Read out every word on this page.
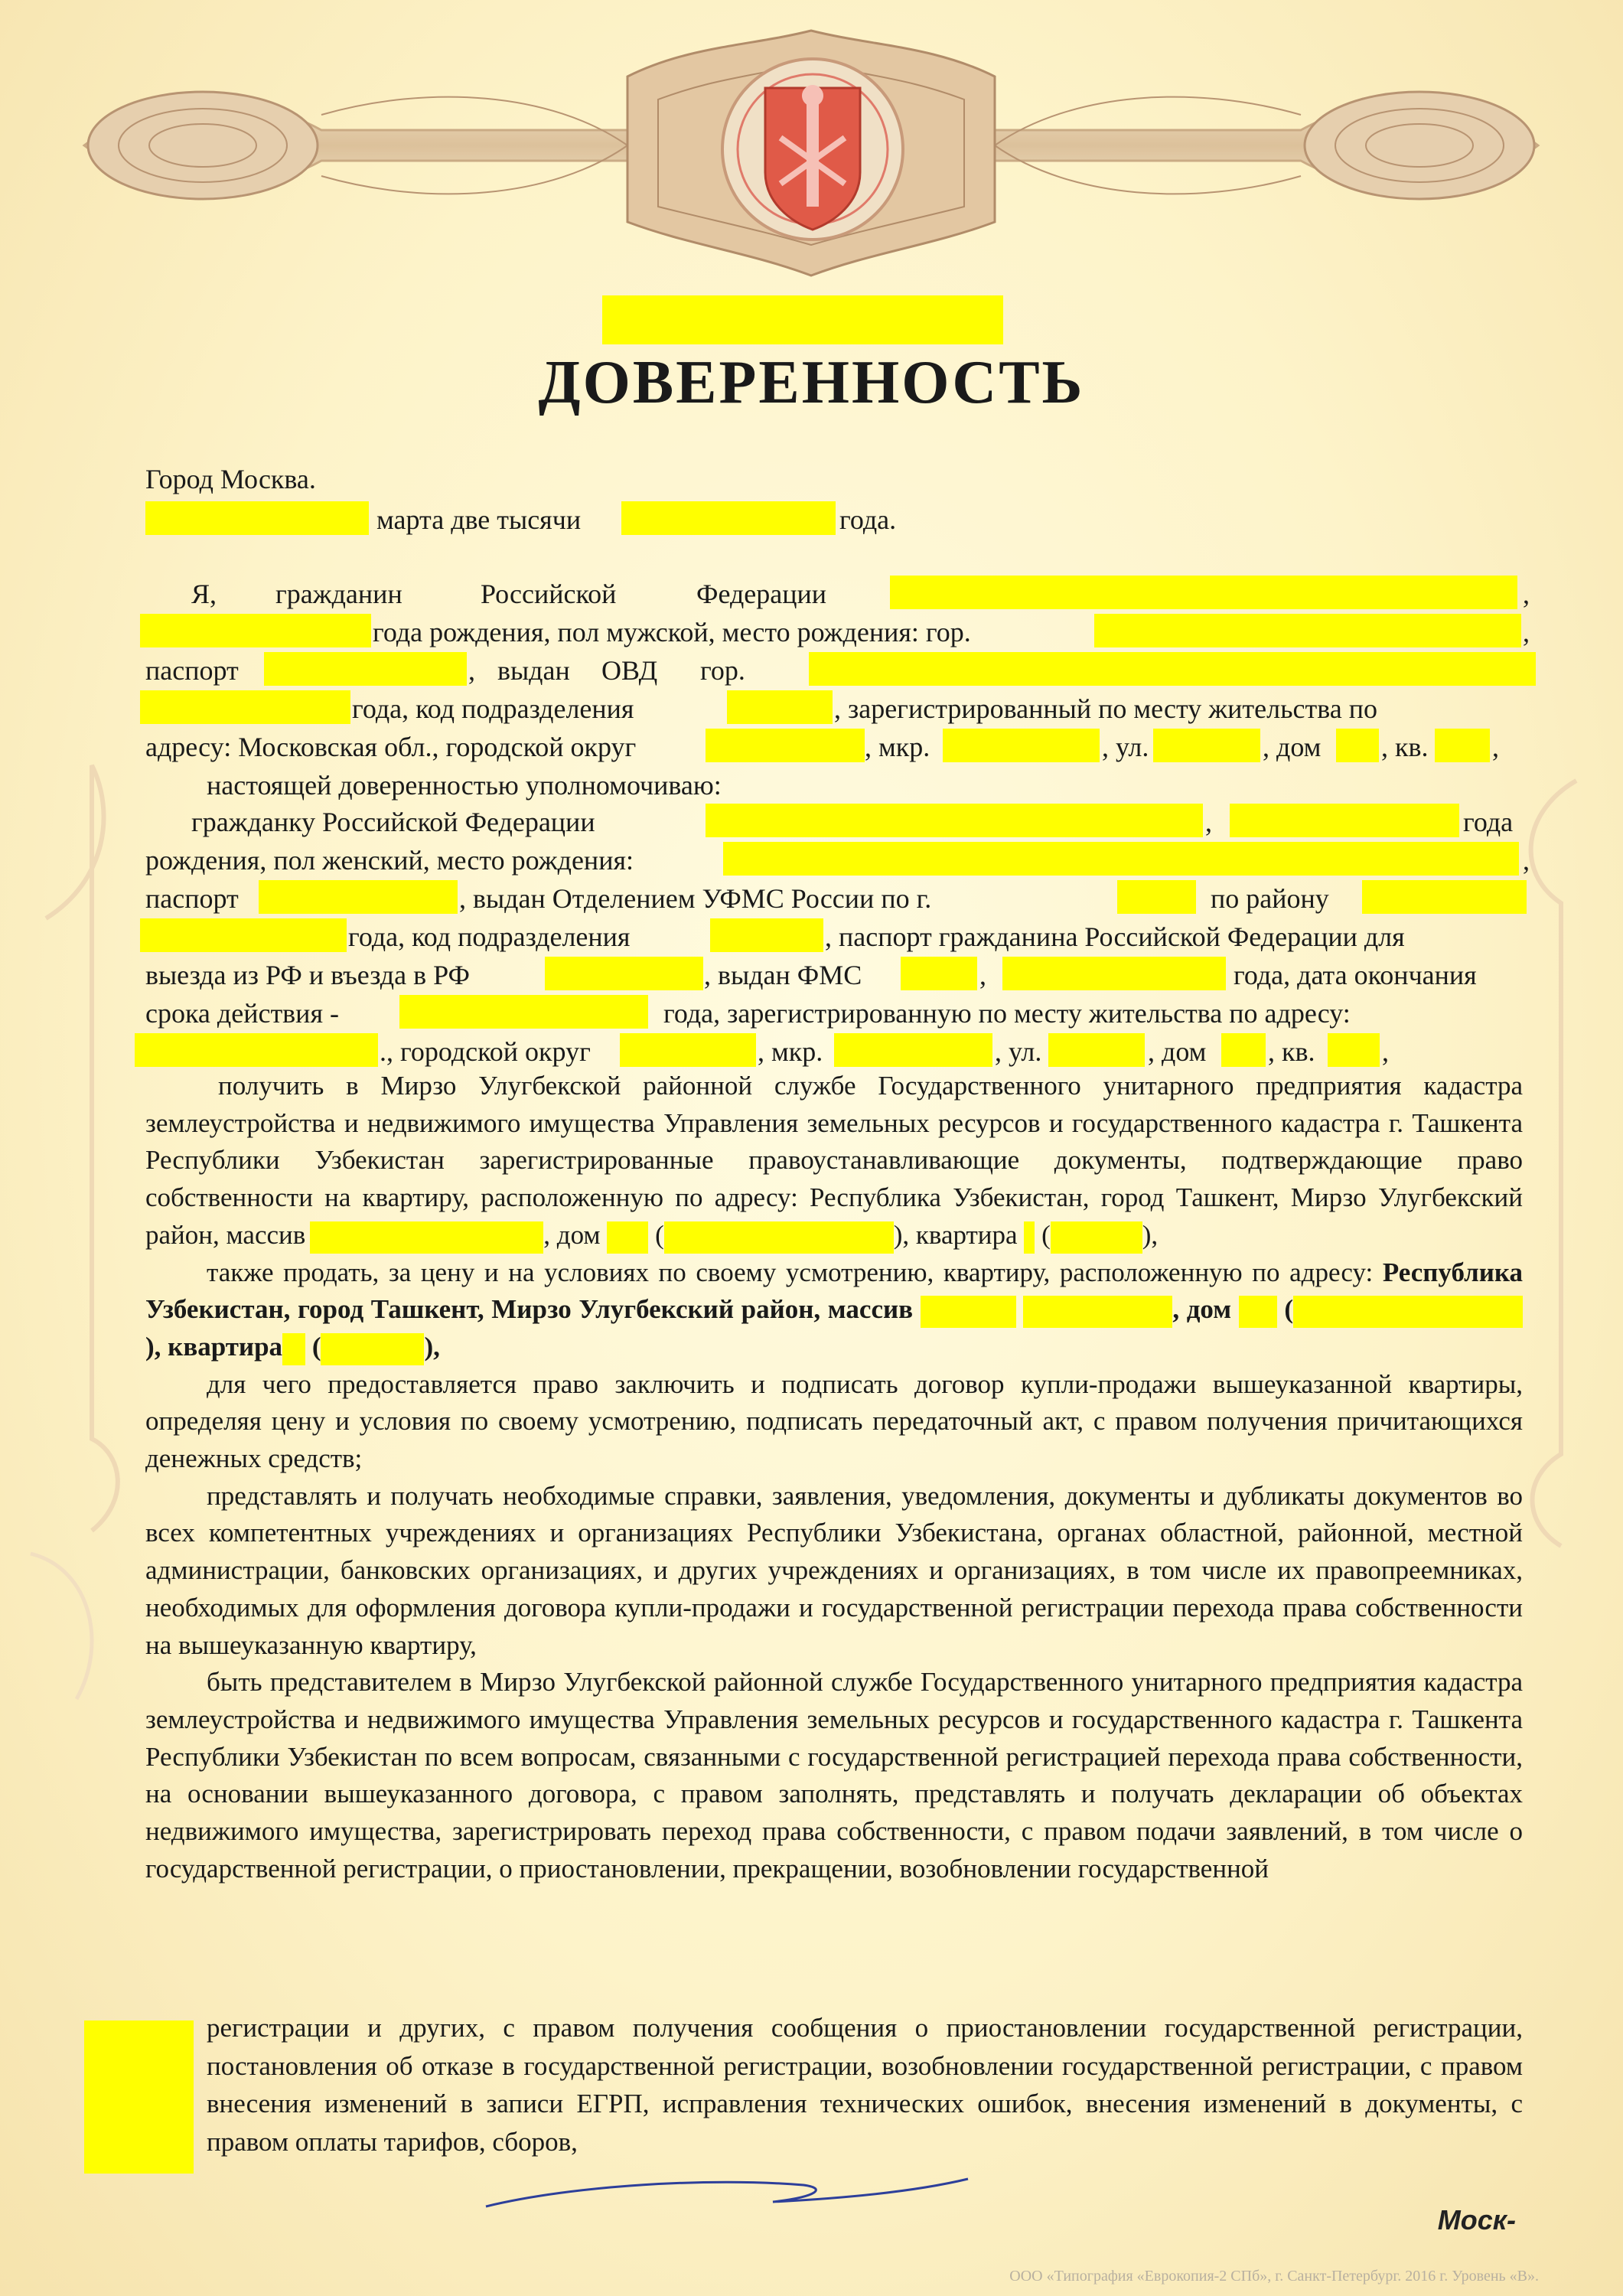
ДОВЕРЕННОСТЬ
Город Москва.
марта две тысячи	года.
Я, гражданин	Российской	Федерации	,
года рождения, пол мужской, место рождения: гор.	,
паспорт	, выдан ОВД гор.
года, код подразделения	, зарегистрированный по месту жительства по
адресу: Московская обл., городской округ	, мкр.	, ул.	, дом , кв. ,
настоящей доверенностью уполномочиваю:
гражданку Российской Федерации	,	года
рождения, пол женский, место рождения:	,
паспорт	, выдан Отделением УФМС России по г.	по району
года, код подразделения	, паспорт гражданина Российской Федерации для
выезда из РФ и въезда в РФ	, выдан ФМС	,	года, дата окончания
срока действия -	года, зарегистрированную по месту жительства по адресу:
., городской округ	, мкр.	, ул.	, дом , кв. ,

получить в Мирзо Улугбекской районной службе Государственного унитарного предприятия кадастра землеустройства и недвижимого имущества Управления земельных ресурсов и государственного кадастра г. Ташкента Республики Узбекистан зарегистрированные правоустанавливающие документы, подтверждающие право собственности на квартиру, расположенную по адресу: Республика Узбекистан, город Ташкент, Мирзо Улугбекский район, массив	, дом (	), квартира (	),

также продать, за цену и на условиях по своему усмотрению, квартиру, расположенную по адресу: Республика Узбекистан, город Ташкент, Мирзо Улугбекский район, массив	, дом (), квартира (	),

для чего предоставляется право заключить и подписать договор купли-продажи вышеуказанной квартиры, определяя цену и условия по своему усмотрению, подписать передаточный акт, с правом получения причитающихся денежных средств;

представлять и получать необходимые справки, заявления, уведомления, документы и дубликаты документов во всех компетентных учреждениях и организациях Республики Узбекистана, органах областной, районной, местной администрации, банковских организациях, и других учреждениях и организациях, в том числе их правопреемниках, необходимых для оформления договора купли-продажи и государственной регистрации перехода права собственности на вышеуказанную квартиру,

быть представителем в Мирзо Улугбекской районной службе Государственного унитарного предприятия кадастра землеустройства и недвижимого имущества Управления земельных ресурсов и государственного кадастра г. Ташкента Республики Узбекистан по всем вопросам, связанными с государственной регистрацией перехода права собственности, на основании вышеуказанного договора, с правом заполнять, представлять и получать декларации об объектах недвижимого имущества, зарегистрировать переход права собственности, с правом подачи заявлений, в том числе о государственной регистрации, о приостановлении, прекращении, возобновлении государственной

регистрации и других, с правом получения сообщения о приостановлении государственной регистрации, постановления об отказе в государственной регистрации, возобновлении государственной регистрации, с правом внесения изменений в записи ЕГРП, исправления технических ошибок, внесения изменений в документы, с правом оплаты тарифов, сборов,

Моск-
ООО «Типография «Еврокопия-2 СПб», г. Санкт-Петербург. 2016 г. Уровень «В».
